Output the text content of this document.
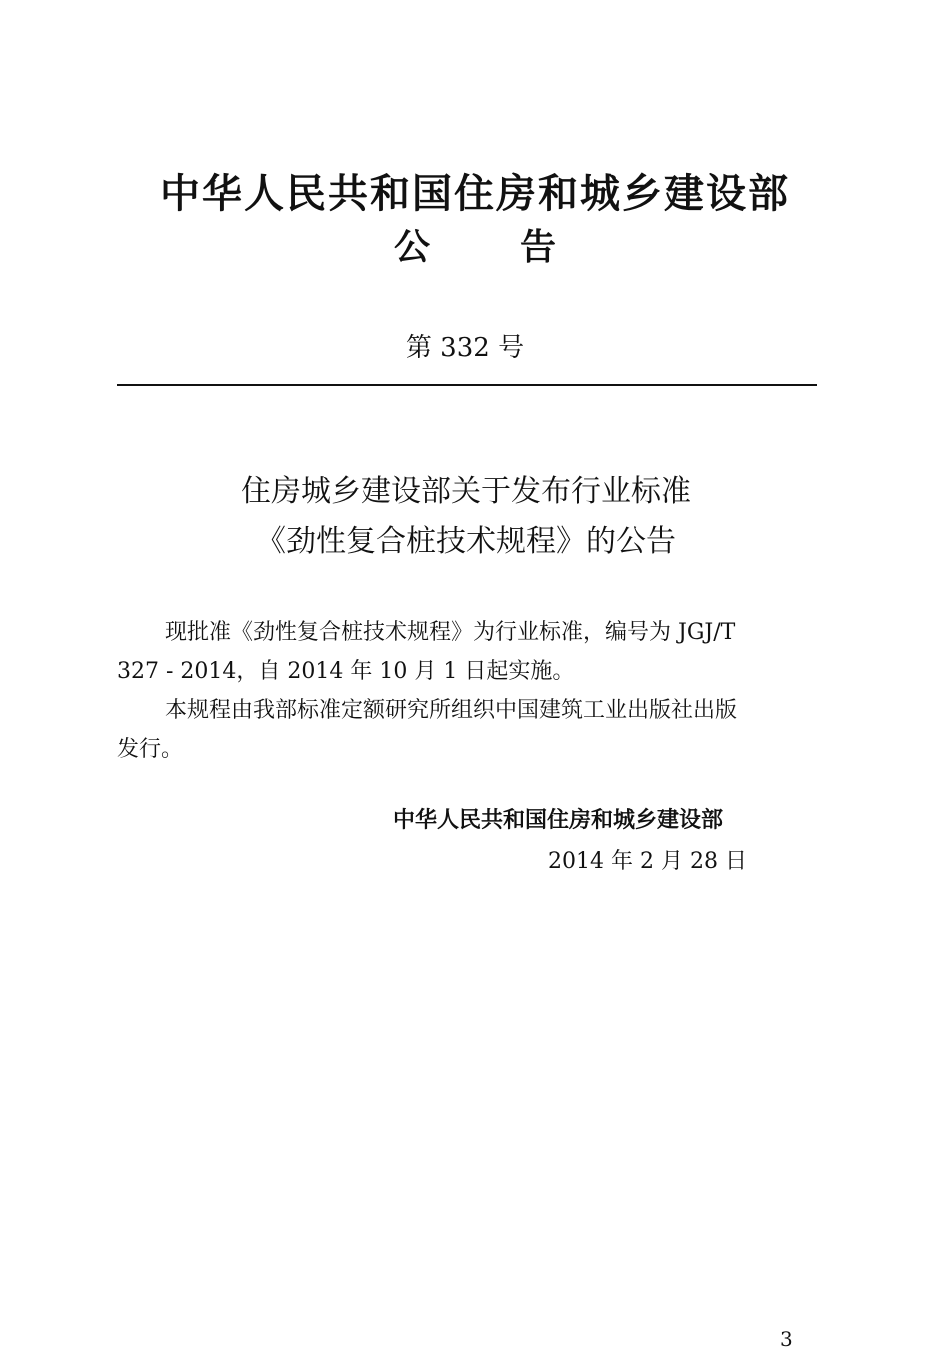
中华人民共和国住房和城乡建设部
公告
第 332 号
住房城乡建设部关于发布行业标准
《劲性复合桩技术规程》的公告
现批准《劲性复合桩技术规程》为行业标准，编号为 JGJ/T
327 - 2014，自 2014 年 10 月 1 日起实施。
本规程由我部标准定额研究所组织中国建筑工业出版社出版
发行。
中华人民共和国住房和城乡建设部
2014 年 2 月 28 日
3
